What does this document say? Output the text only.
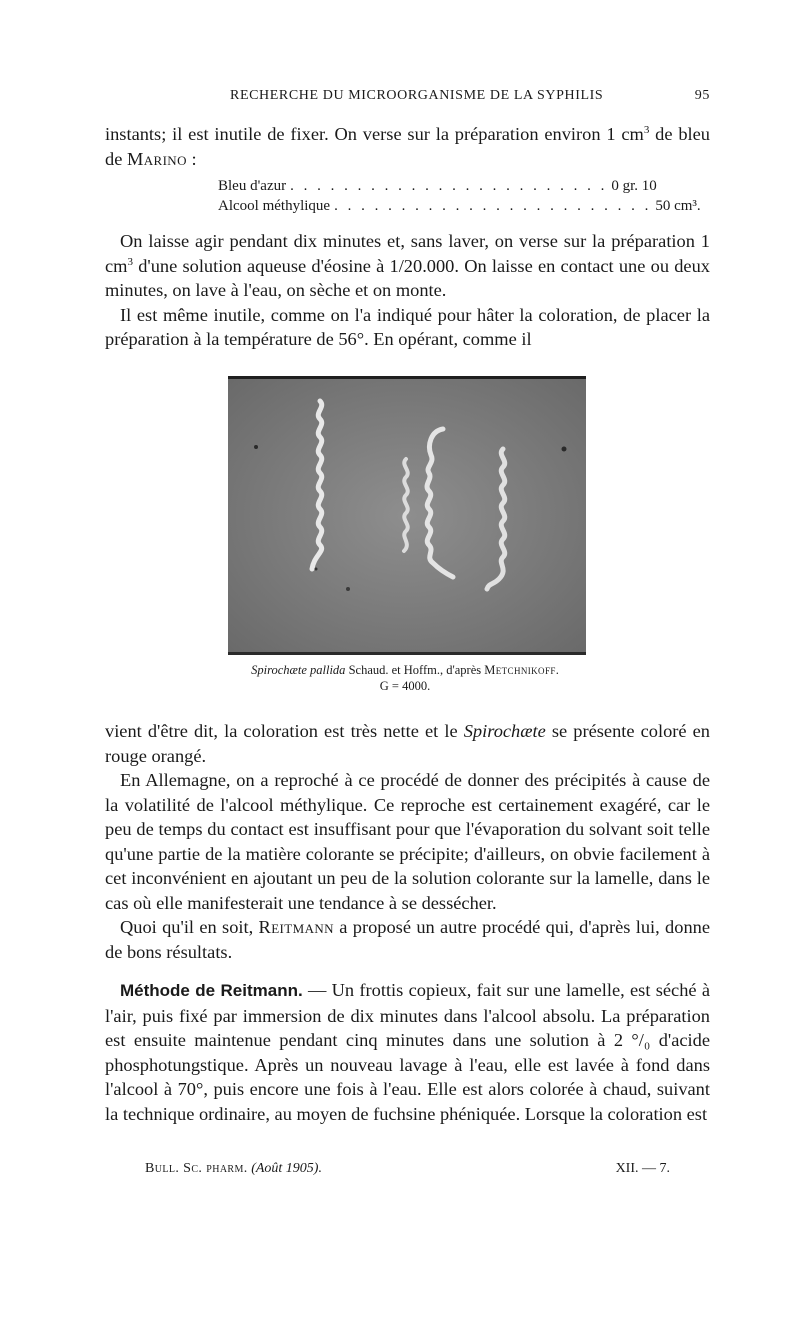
RECHERCHE DU MICROORGANISME DE LA SYPHILIS	95

instants; il est inutile de fixer. On verse sur la préparation environ 1 $cm^3$ de bleu de Marino :

Bleu d'azur . . . . . . . . . . . . . . . . . . . . . . . . 0 gr. 10
Alcool méthylique . . . . . . . . . . . . . . . . . . . . . . . . 50 cm³.

On laisse agir pendant dix minutes et, sans laver, on verse sur la préparation 1 $cm^3$ d'une solution aqueuse d'éosine à 1/20.000. On laisse en contact une ou deux minutes, on lave à l'eau, on sèche et on monte.

Il est même inutile, comme on l'a indiqué pour hâter la coloration, de placer la préparation à la température de 56°. En opérant, comme il

Spirochæte pallida Schaud. et Hoffm., d'après Metchnikoff.
G = 4000.

vient d'être dit, la coloration est très nette et le Spirochæte se présente coloré en rouge orangé.

En Allemagne, on a reproché à ce procédé de donner des précipités à cause de la volatilité de l'alcool méthylique. Ce reproche est certainement exagéré, car le peu de temps du contact est insuffisant pour que l'évaporation du solvant soit telle qu'une partie de la matière colorante se précipite; d'ailleurs, on obvie facilement à cet inconvénient en ajoutant un peu de la solution colorante sur la lamelle, dans le cas où elle manifesterait une tendance à se dessécher.

Quoi qu'il en soit, Reitmann a proposé un autre procédé qui, d'après lui, donne de bons résultats.

Méthode de Reitmann. — Un frottis copieux, fait sur une lamelle, est séché à l'air, puis fixé par immersion de dix minutes dans l'alcool absolu. La préparation est ensuite maintenue pendant cinq minutes dans une solution à 2 °/₀ d'acide phosphotungstique. Après un nouveau lavage à l'eau, elle est lavée à fond dans l'alcool à 70°, puis encore une fois à l'eau. Elle est alors colorée à chaud, suivant la technique ordinaire, au moyen de fuchsine phéniquée. Lorsque la coloration est

Bull. Sc. pharm. (Août 1905).	XII. — 7.
